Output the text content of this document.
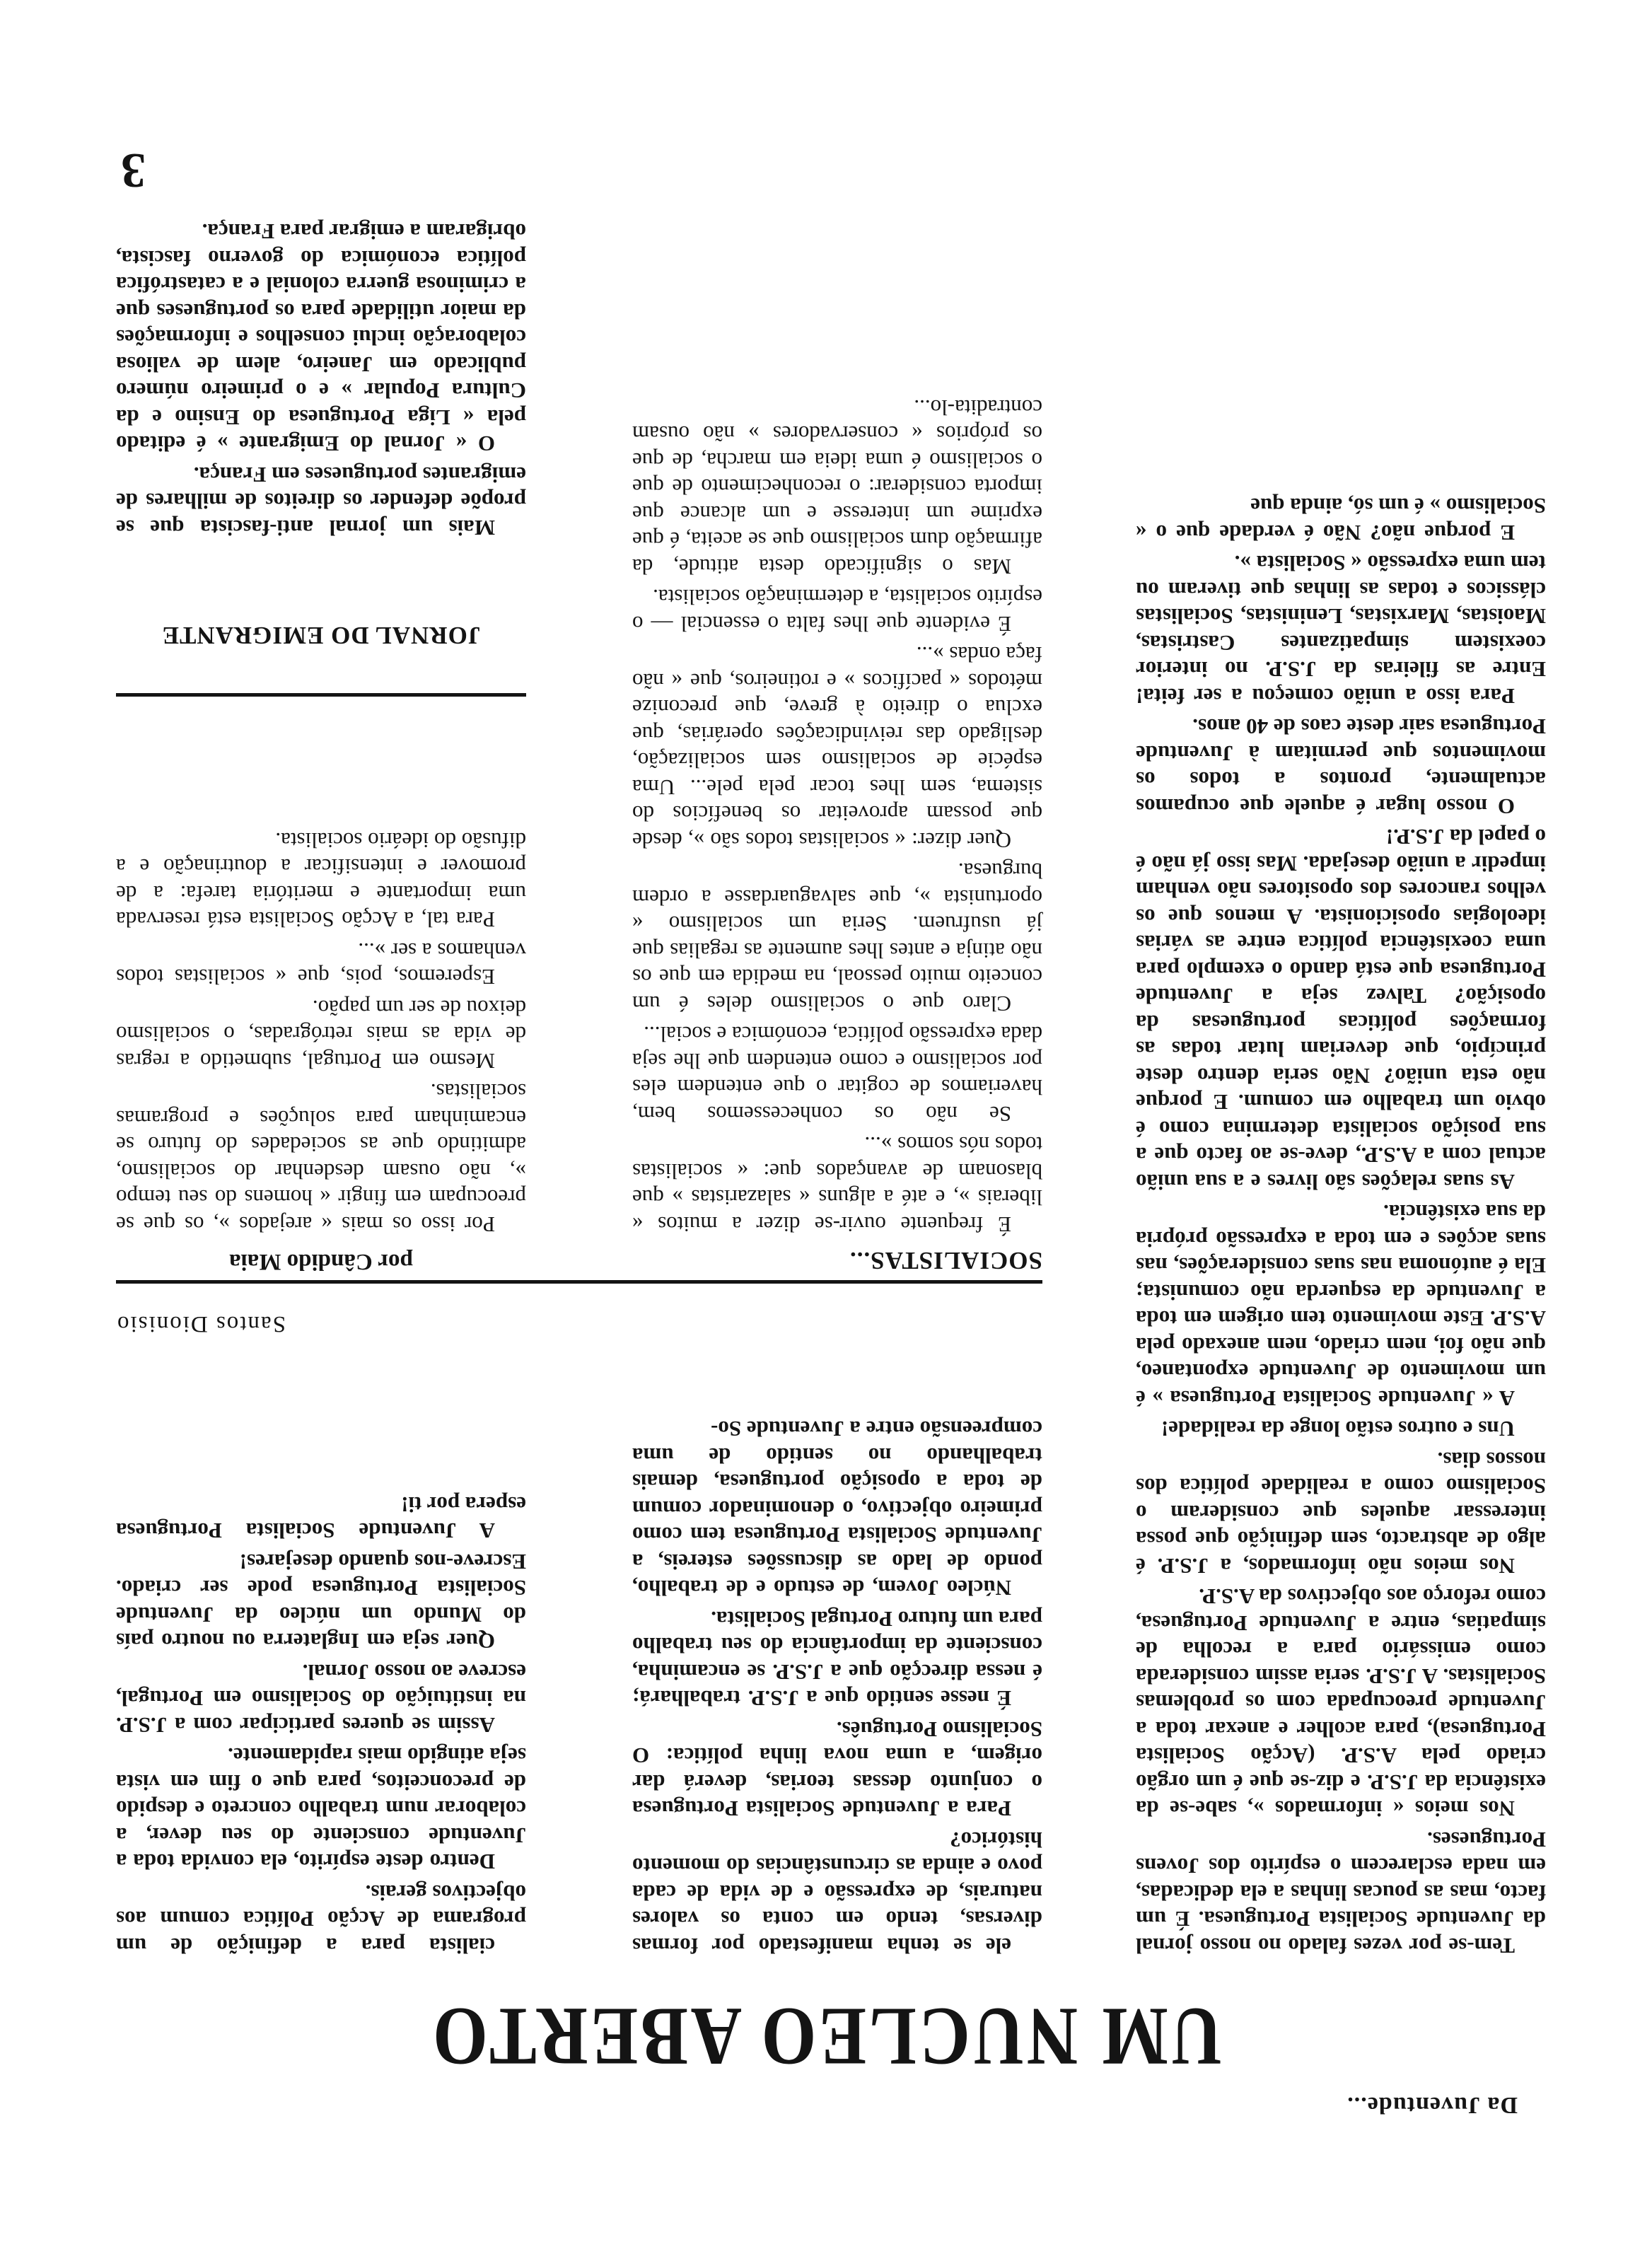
Da Juventude...
UM NUCLEO ABERTO

Tem-se por vezes falado no nosso jornal da Juventude Socialista Portuguesa. É um facto, mas as poucas linhas a ela dedicadas, em nada esclarecem o espírito dos Jovens Portugueses.

Nos meios « informados », sabe-se da existência da J.S.P. e diz-se que é um orgão criado pela A.S.P. (Acção Socialista Portuguesa), para acolher e anexar toda a Juventude preocupada com os problemas Socialistas. A J.S.P. seria assim considerada como emissário para a recolha de simpatias, entre a Juventude Portuguesa, como reforço aos objectivos da A.S.P.

Nos meios não informados, a J.S.P. é algo de abstracto, sem definição que possa interessar aqueles que consideram o Socialismo como a realidade política dos nossos dias.

Uns e outros estão longe da realidade!

A « Juventude Socialista Portuguesa » é um movimento de Juventude expontaneo, que não foi, nem criado, nem anexado pela A.S.P. Este movimento tem origem em toda a Juventude da esquerda não comunista; Ela é autónoma nas suas considerações, nas suas acções e em toda a expressão própria da sua existência.

As suas relações são livres e a sua união actual com a A.S.P., deve-se ao facto que a sua posição socialista determina como é obvio um trabalho em comum. E porque não esta união? Não seria dentro deste princípio, que deveriam lutar todas as formações políticas portuguesas da oposição? Talvez seja a Juventude Portuguesa que está dando o exemplo para uma coexistência política entre as várias ideologias oposicionista. A menos que os velhos rancores dos opositores não venham impedir a união desejada. Mas isso já não é o papel da J.S.P.!

O nosso lugar é aquele que ocupamos actualmente, prontos a todos os movimentos que permitam à Juventude Portuguesa sair deste caos de 40 anos.

Para isso a união começou a ser feita! Entre as fileiras da J.S.P. no interior coexistem simpatizantes Castristas, Maoistas, Marxistas, Leninistas, Socialistas clássicos e todas as linhas que tiveram ou tem uma expressão « Socialista ».

E porque não? Não é verdade que o « Socialismo » é um só, ainda que

ele se tenha manifestado por formas diversas, tendo em conta os valores naturais, de expressão e de vida de cada povo e ainda as circunstâncias do momento histórico?

Para a Juventude Socialista Portuguesa o conjunto dessas teorias, deverá dar origem, a uma nova linha política: O Socialismo Português.

É nesse sentido que a J.S.P. trabalhará; é nessa direcção que a J.S.P. se encaminha, consciente da importância do seu trabalho para um futuro Portugal Socialista.

Núcleo Jovem, de estudo e de trabalho, pondo de lado as discussões estereis, a Juventude Socialista Portuguesa tem como primeiro objectivo, o denominador comum de toda a oposição portuguesa, demais trabalhando no sentido de uma compreensão entre a Juventude So-

cialista para a definição de um programa de Acção Política comum aos objectivos gerais.

Dentro deste espírito, ela convida toda a Juventude consciente do seu dever, a colaborar num trabalho concreto e despido de preconceitos, para que o fim em vista seja atingido mais rapidamente.

Assim se queres participar com a J.S.P. na instituição do Socialismo em Portugal, escreve ao nosso Jornal.

Quer seja em Inglaterra ou noutro país do Mundo um núcleo da Juventude Socialista Portuguesa pode ser criado. Escreve-nos quando desejares!

A Juventude Socialista Portuguesa espera por ti!

Santos Dionisio
SOCIALISTAS...
por Cândido Maia

É frequente ouvir-se dizer a muitos « liberais », e até a alguns « salazaristas » que blasonam de avançados que: « socialistas todos nós somos »...

Se não os conhecessemos bem, haveriamos de cogitar o que entendem eles por socialismo e como entendem que lhe seja dada expressão política, económica e social...

Claro que o socialismo deles é um conceito muito pessoal, na medida em que os não atinja e antes lhes aumente as regalias que já usufruem. Seria um socialismo « oportunista », que salvaguardasse a ordem burguesa.

Quer dizer: « socialistas todos são », desde que possam aproveitar os benefícios do sistema, sem lhes tocar pela pele... Uma espécie de socialismo sem socialização, desligado das reivindicações operárias, que exclua o direito à greve, que preconize métodos « pacíficos » e rotineiros, que « não faça ondas »...

É evidente que lhes falta o essencial — o espírito socialista, a determinação socialista.

Mas o significado desta atitude, da afirmação dum socialismo que se aceita, é que exprime um interesse e um alcance que importa considerar: o reconhecimento de que o socialismo é uma ideia em marcha, de que os próprios « conservadores » não ousam contradita-lo...

Por isso os mais « arejados », os que se preocupam em fingir « homens do seu tempo », não ousam desdenhar do socialismo, admitindo que as sociedades do futuro se encaminham para soluções e programas socialistas.

Mesmo em Portugal, submetido a regras de vida as mais retrógradas, o socialismo deixou de ser um papão.

Esperemos, pois, que « socialistas todos venhamos a ser »...

Para tal, a Acção Socialista está reservada uma importante e meritória tarefa: a de promover e intensificar a doutrinação e a difusão do ideário socialista.

JORNAL DO EMIGRANTE

Mais um jornal anti-fascista que se propõe defender os direitos de milhares de emigrantes portugueses em França.

O « Jornal do Emigrante » é editado pela « Liga Portuguesa do Ensino e da Cultura Popular » e o primeiro número publicado em Janeiro, alem de valiosa colaboração inclui conselhos e informações da maior utilidade para os portugueses que a criminosa guerra colonial e a catastrófica política económica do governo fascista, obrigaram a emigrar para França.

3
